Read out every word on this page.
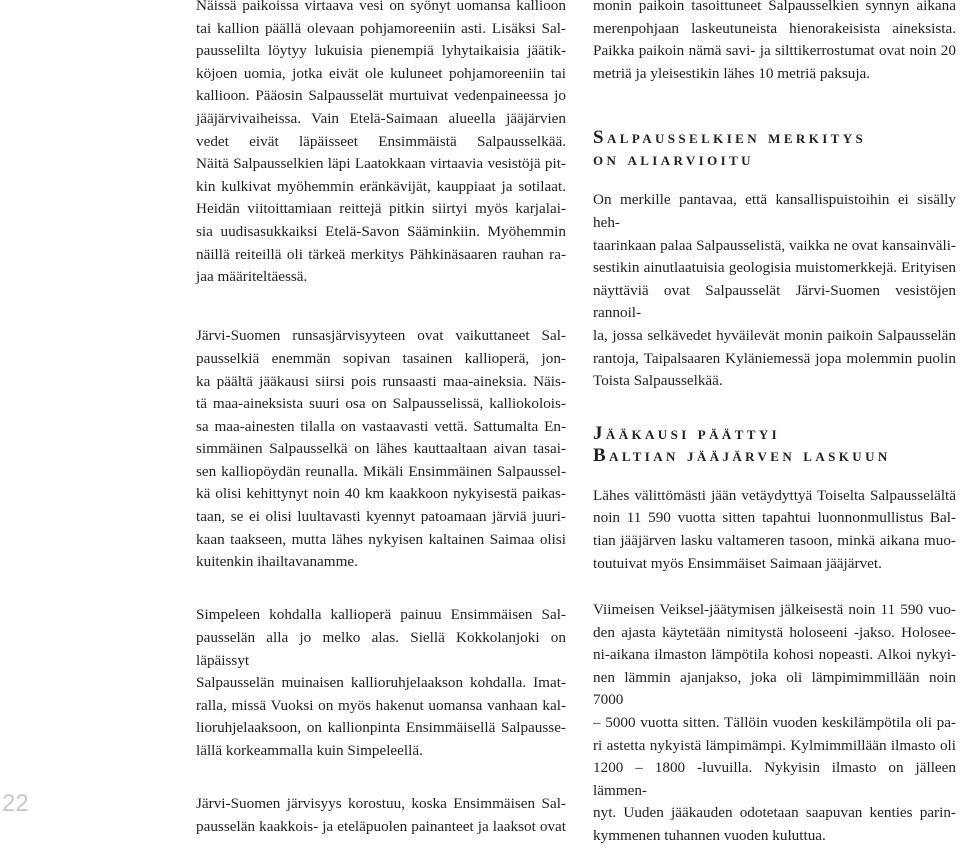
Näissä paikoissa virtaava vesi on syönyt uomansa kallioon
tai kallion päällä olevaan pohjamoreeniin asti. Lisäksi Sal-
pausselilta löytyy lukuisia pienempiä lyhytaikaisia jäätik-
köjoen uomia, jotka eivät ole kuluneet pohjamoreeniin tai
kallioon. Pääosin Salpausselät murtuivat vedenpaineessa jo
jääjärvivaiheissa. Vain Etelä-Saimaan alueella jääjärvien
vedet eivät läpäisseet Ensimmäistä Salpausselkää.
Näitä Salpausselkien läpi Laatokkaan virtaavia vesistöjä pit-
kin kulkivat myöhemmin eränkävijät, kauppiaat ja sotilaat.
Heidän viitoittamiaan reittejä pitkin siirtyi myös karjalai-
sia uudisasukkaiksi Etelä-Savon Sääminkiin. Myöhemmin
näillä reiteillä oli tärkeä merkitys Pähkinäsaaren rauhan ra-
jaa määriteltäessä.
Järvi-Suomen runsasjärvisyyteen ovat vaikuttaneet Sal-
pausselkiä enemmän sopivan tasainen kallioperä, jon-
ka päältä jääkausi siirsi pois runsaasti maa-aineksia. Näis-
tä maa-aineksista suuri osa on Salpausselissä, kalliokolois-
sa maa-ainesten tilalla on vastaavasti vettä. Sattumalta En-
simmäinen Salpausselkä on lähes kauttaaltaan aivan tasai-
sen kalliopöydän reunalla. Mikäli Ensimmäinen Salpaussel-
kä olisi kehittynyt noin 40 km kaakkoon nykyisestä paikas-
taan, se ei olisi luultavasti kyennyt patoamaan järviä juuri-
kaan taakseen, mutta lähes nykyisen kaltainen Saimaa olisi
kuitenkin ihailtavanamme.
Simpeleen kohdalla kallioperä painuu Ensimmäisen Sal-
pausselän alla jo melko alas. Siellä Kokkolanjoki on läpäissyt
Salpausselän muinaisen kallioruhjelaakson kohdalla. Imat-
ralla, missä Vuoksi on myös hakenut uomansa vanhaan kal-
lioruhjelaaksoon, on kallionpinta Ensimmäisellä Salpausse-
lällä korkeammalla kuin Simpeleellä.
Järvi-Suomen järvisyys korostuu, koska Ensimmäisen Sal-
pausselän kaakkois- ja eteläpuolen painanteet ja laaksot ovat
monin paikoin tasoittuneet Salpausselkien synnyn aikana
merenpohjaan laskeutuneista hienorakeisista aineksista.
Paikka paikoin nämä savi- ja silttikerrostumat ovat noin 20
metriä ja yleisestikin lähes 10 metriä paksuja.
Salpausselkien merkitys
on aliarvioitu
On merkille pantavaa, että kansallispuistoihin ei sisälly heh-
taarinkaan palaa Salpausselistä, vaikka ne ovat kansainväli-
sestikin ainutlaatuisia geologisia muistomerkkejä. Erityisen
näyttäviä ovat Salpausselät Järvi-Suomen vesistöjen rannoil-
la, jossa selkävedet hyväilevät monin paikoin Salpausselän
rantoja, Taipalsaaren Kyläniemessä jopa molemmin puolin
Toista Salpausselkää.
Jääkausi päättyi
Baltian jääjärven laskuun
Lähes välittömästi jään vetäydyttyä Toiselta Salpausselältä
noin 11 590 vuotta sitten tapahtui luonnonmullistus Bal-
tian jääjärven lasku valtameren tasoon, minkä aikana muo-
toutuivat myös Ensimmäiset Saimaan jääjärvet.
Viimeisen Veiksel-jäätymisen jälkeisestä noin 11 590 vuo-
den ajasta käytetään nimitystä holoseeni -jakso. Holosee-
ni-aikana ilmaston lämpötila kohosi nopeasti. Alkoi nykyi-
nen lämmin ajanjakso, joka oli lämpimimmillään noin 7000
– 5000 vuotta sitten. Tällöin vuoden keskilämpötila oli pa-
ri astetta nykyistä lämpimämpi. Kylmimmillään ilmasto oli
1200 – 1800 -luvuilla. Nykyisin ilmasto on jälleen lämmen-
nyt. Uuden jääkauden odotetaan saapuvan kenties parin-
kymmenen tuhannen vuoden kuluttua.
22
